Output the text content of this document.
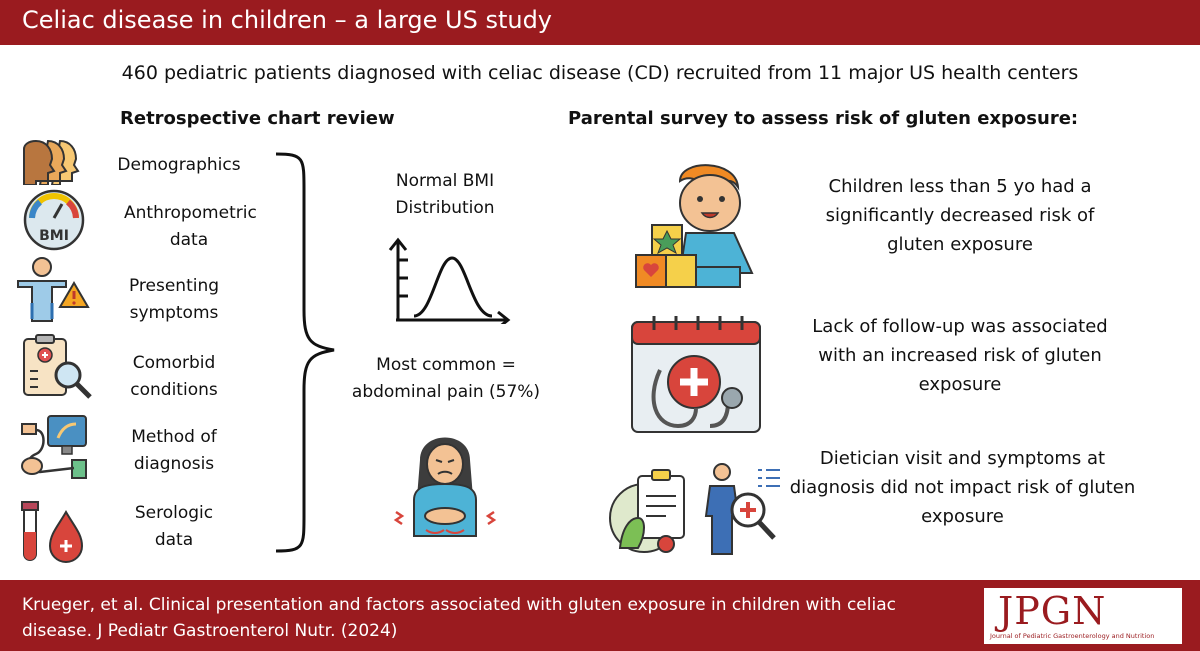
Celiac disease in children – a large US study
460 pediatric patients diagnosed with celiac disease (CD) recruited from 11 major US health centers
Retrospective chart review	Parental survey to assess risk of gluten exposure:
BMI
Demographics
Anthropometric data
Presenting symptoms
Comorbid conditions
Method of diagnosis
Serologic data
Normal BMI Distribution
Most common = abdominal pain (57%)
Children less than 5 yo had a significantly decreased risk of gluten exposure
Lack of follow-up was associated with an increased risk of gluten exposure
Dietician visit and symptoms at diagnosis did not impact risk of gluten exposure
Krueger, et al. Clinical presentation and factors associated with gluten exposure in children with celiac disease. J Pediatr Gastroenterol Nutr. (2024)	JPGN
Journal of Pediatric Gastroenterology and Nutrition
